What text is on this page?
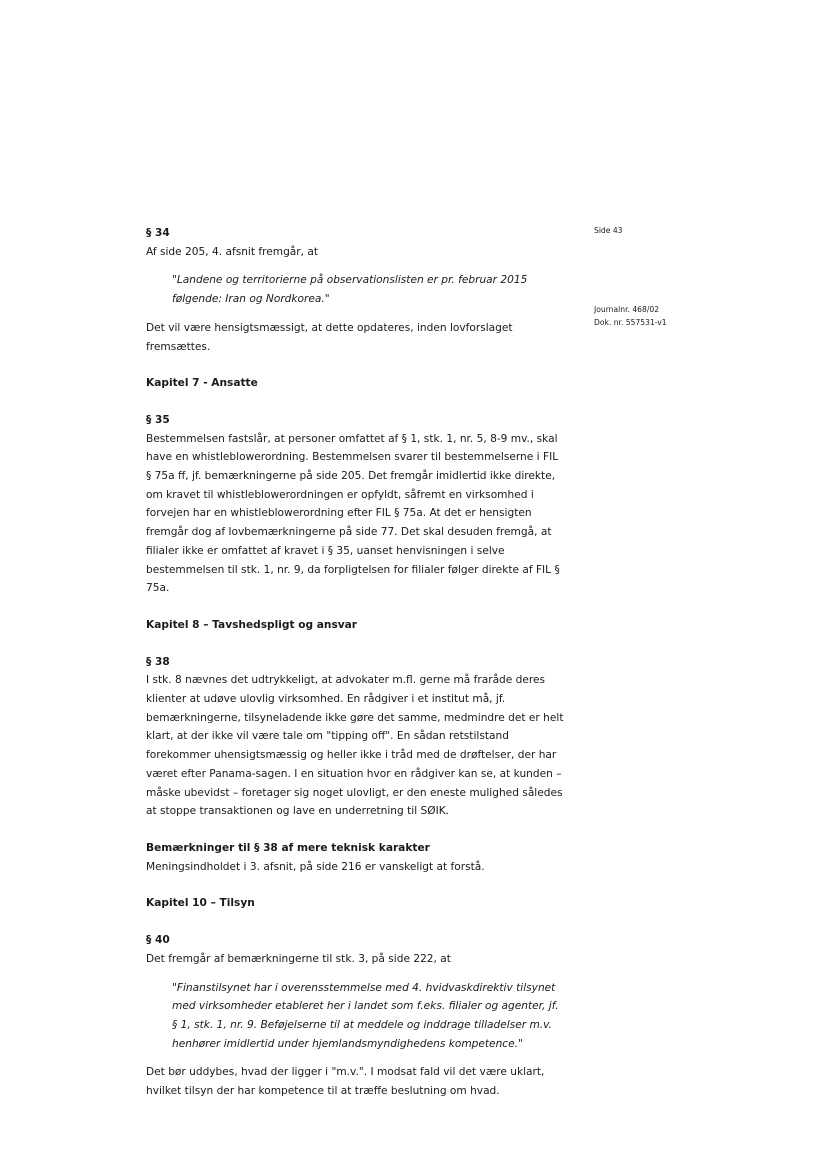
Side 43
Journalnr. 468/02
Dok. nr. 557531-v1

§ 34

Af side 205, 4. afsnit fremgår, at

"Landene og territorierne på observationslisten er pr. februar 2015 følgende: Iran og Nordkorea."

Det vil være hensigtsmæssigt, at dette opdateres, inden lovforslaget fremsættes.

Kapitel 7 - Ansatte

§ 35

Bestemmelsen fastslår, at personer omfattet af § 1, stk. 1, nr. 5, 8-9 mv., skal have en whistleblowerordning. Bestemmelsen svarer til bestemmelserne i FIL § 75a ff, jf. bemærkningerne på side 205. Det fremgår imidlertid ikke direkte, om kravet til whistleblowerordningen er opfyldt, såfremt en virksomhed i forvejen har en whistleblowerordning efter FIL § 75a. At det er hensigten fremgår dog af lovbemærkningerne på side 77. Det skal desuden fremgå, at filialer ikke er omfattet af kravet i § 35, uanset henvisningen i selve bestemmelsen til stk. 1, nr. 9, da forpligtelsen for filialer følger direkte af FIL § 75a.

Kapitel 8 – Tavshedspligt og ansvar

§ 38

I stk. 8 nævnes det udtrykkeligt, at advokater m.fl. gerne må fraråde deres klienter at udøve ulovlig virksomhed. En rådgiver i et institut må, jf. bemærkningerne, tilsyneladende ikke gøre det samme, medmindre det er helt klart, at der ikke vil være tale om "tipping off". En sådan retstilstand forekommer uhensigtsmæssig og heller ikke i tråd med de drøftelser, der har været efter Panama-sagen. I en situation hvor en rådgiver kan se, at kunden – måske ubevidst – foretager sig noget ulovligt, er den eneste mulighed således at stoppe transaktionen og lave en underretning til SØIK.

Bemærkninger til § 38 af mere teknisk karakter

Meningsindholdet i 3. afsnit, på side 216 er vanskeligt at forstå.

Kapitel 10 – Tilsyn

§ 40

Det fremgår af bemærkningerne til stk. 3, på side 222, at

"Finanstilsynet har i overensstemmelse med 4. hvidvaskdirektiv tilsynet med virksomheder etableret her i landet som f.eks. filialer og agenter, jf. § 1, stk. 1, nr. 9. Beføjelserne til at meddele og inddrage tilladelser m.v. henhører imidlertid under hjemlandsmyndighedens kompetence."

Det bør uddybes, hvad der ligger i "m.v.". I modsat fald vil det være uklart, hvilket tilsyn der har kompetence til at træffe beslutning om hvad.
